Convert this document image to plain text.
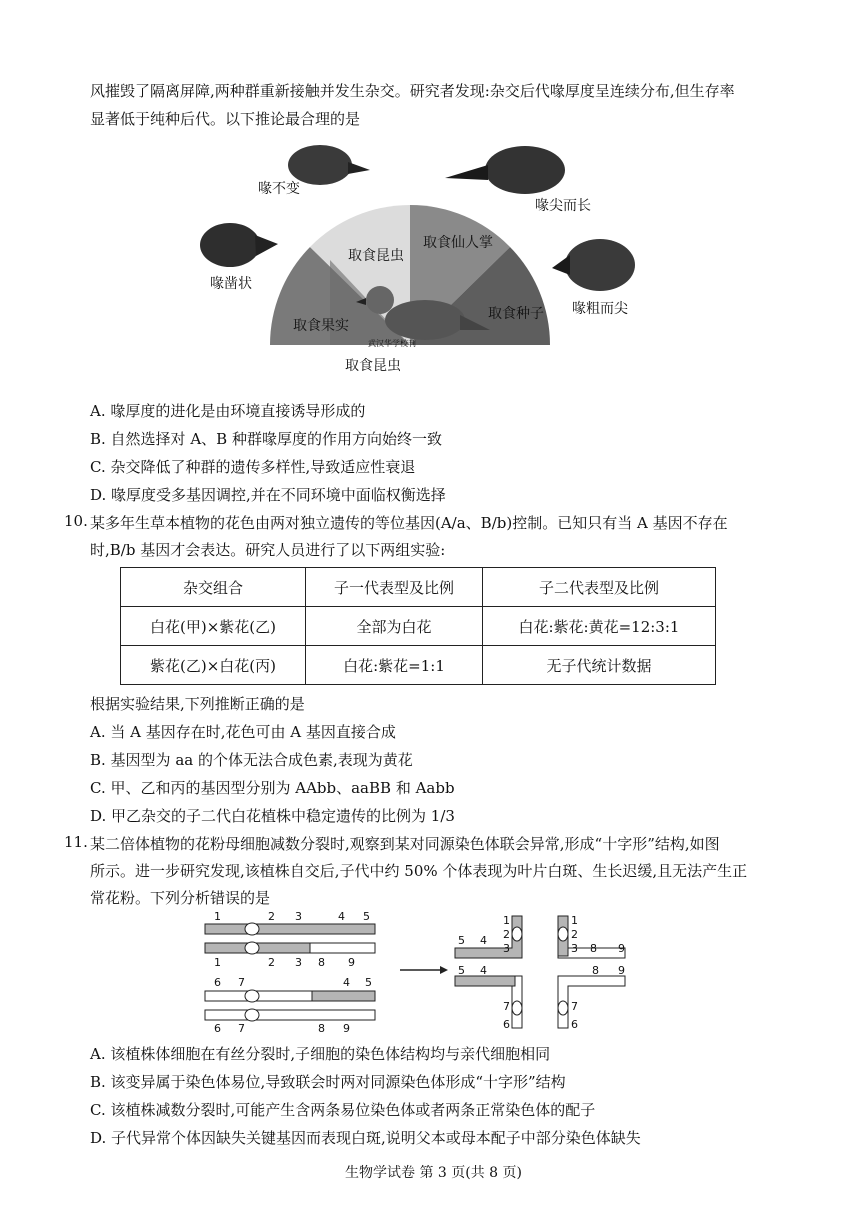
风摧毁了隔离屏障,两种群重新接触并发生杂交。研究者发现:杂交后代喙厚度呈连续分布,但生存率
显著低于纯种后代。以下推论最合理的是
喙不变
喙尖而长
喙凿状
喙粗而尖
取食昆虫
取食仙人掌
取食果实
取食种子
武汉华学校刊
取食昆虫
A. 喙厚度的进化是由环境直接诱导形成的
B. 自然选择对 A、B 种群喙厚度的作用方向始终一致
C. 杂交降低了种群的遗传多样性,导致适应性衰退
D. 喙厚度受多基因调控,并在不同环境中面临权衡选择
10. 某多年生草本植物的花色由两对独立遗传的等位基因(A/a、B/b)控制。已知只有当 A 基因不存在
时,B/b 基因才会表达。研究人员进行了以下两组实验:
杂交组合	子一代表型及比例	子二代表型及比例
白花(甲)×紫花(乙)	全部为白花	白花:紫花:黄花=12:3:1
紫花(乙)×白花(丙)	白花:紫花=1:1	无子代统计数据
根据实验结果,下列推断正确的是
A. 当 A 基因存在时,花色可由 A 基因直接合成
B. 基因型为 aa 的个体无法合成色素,表现为黄花
C. 甲、乙和丙的基因型分别为 AAbb、aaBB 和 Aabb
D. 甲乙杂交的子二代白花植株中稳定遗传的比例为 1/3
11. 某二倍体植物的花粉母细胞减数分裂时,观察到某对同源染色体联会异常,形成“十字形”结构,如图
所示。进一步研究发现,该植株自交后,子代中约 50% 个体表现为叶片白斑、生长迟缓,且无法产生正
常花粉。下列分析错误的是
1	2 3	4 5
1	2 3 8 9
6 7	4 5
6 7	8 9
1
2
3
5 4
3 8 9
1
2
5 4	8 9
7
6
7
6
A. 该植株体细胞在有丝分裂时,子细胞的染色体结构均与亲代细胞相同
B. 该变异属于染色体易位,导致联会时两对同源染色体形成“十字形”结构
C. 该植株减数分裂时,可能产生含两条易位染色体或者两条正常染色体的配子
D. 子代异常个体因缺失关键基因而表现白斑,说明父本或母本配子中部分染色体缺失
生物学试卷 第 3 页(共 8 页)
